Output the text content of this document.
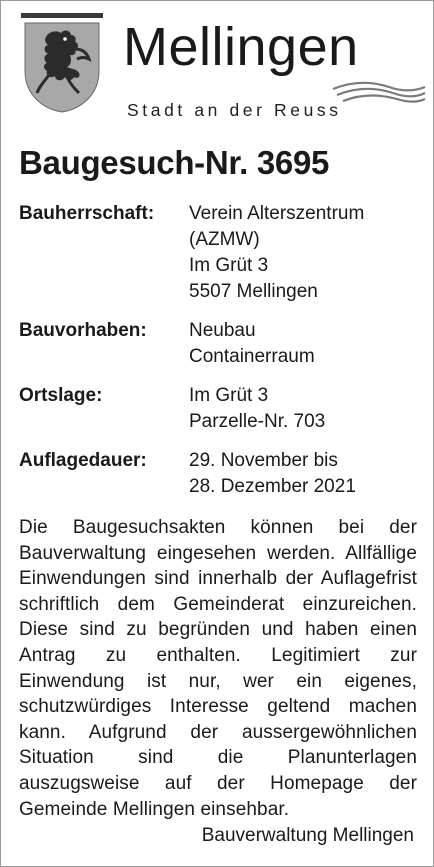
Mellingen
Stadt an der Reuss
Baugesuch-Nr. 3695
Bauherrschaft:	Verein Alterszentrum
(AZMW)
Im Grüt 3
5507 Mellingen
Bauvorhaben:	Neubau
Containerraum
Ortslage:	Im Grüt 3
Parzelle-Nr. 703
Auflagedauer:	29. November bis
28. Dezember 2021

Die Baugesuchsakten können bei der Bauverwaltung eingesehen werden. Allfällige Einwendungen sind innerhalb der Auflagefrist schriftlich dem Gemeinderat einzureichen. Diese sind zu begründen und haben einen Antrag zu enthalten. Legitimiert zur Einwendung ist nur, wer ein eigenes, schutzwürdiges Interesse geltend machen kann. Aufgrund der aussergewöhnlichen Situation sind die Planunterlagen auszugsweise auf der Homepage der Gemeinde Mellingen einsehbar.

Bauverwaltung Mellingen
